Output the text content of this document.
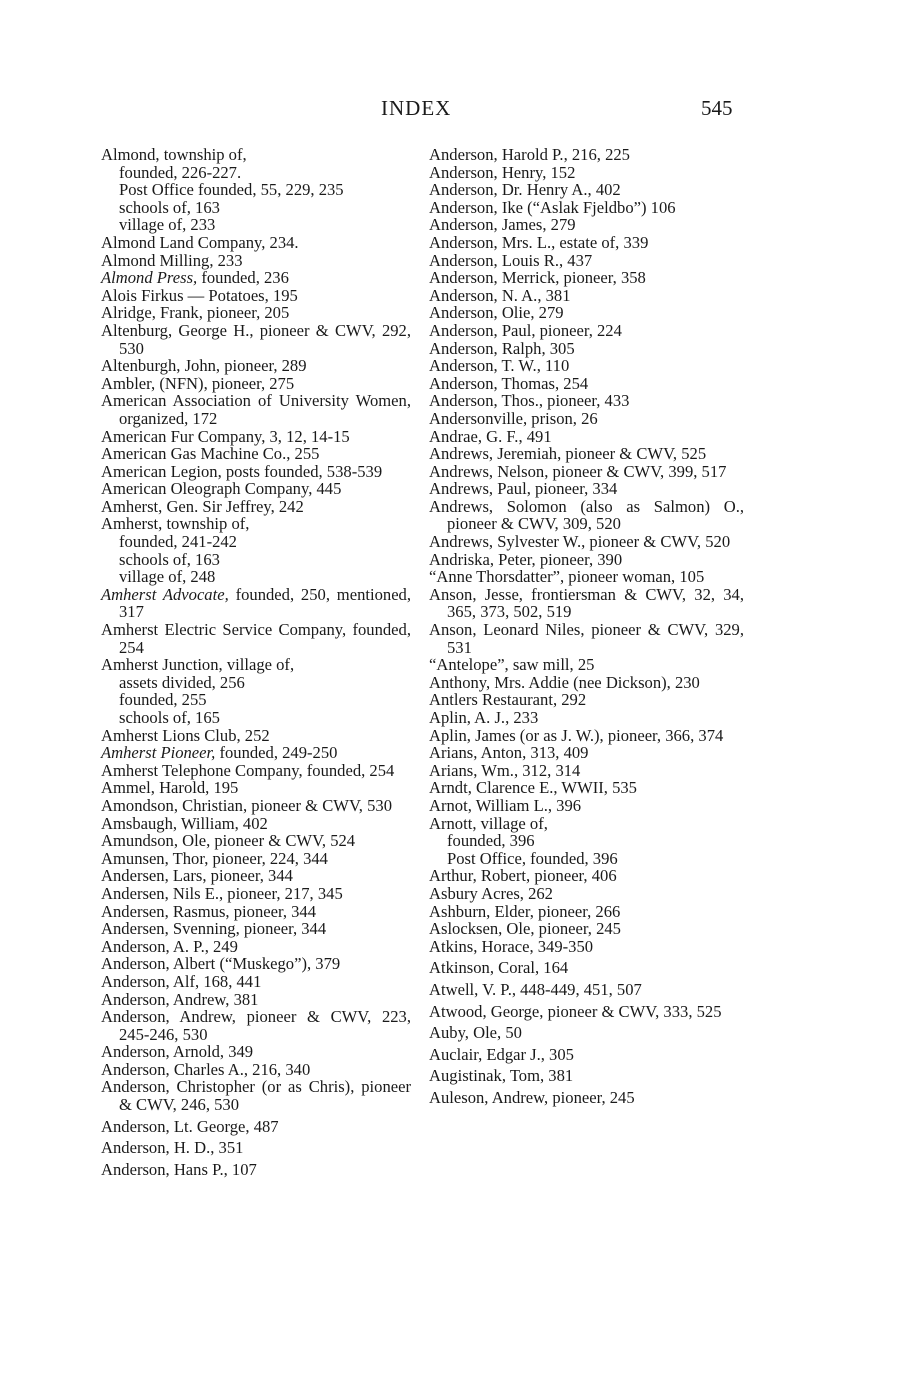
INDEX	545

Almond, township of,

founded, 226-227.

Post Office founded, 55, 229, 235

schools of, 163

village of, 233

Almond Land Company, 234.

Almond Milling, 233

Almond Press, founded, 236

Alois Firkus — Potatoes, 195

Alridge, Frank, pioneer, 205

Altenburg, George H., pioneer & CWV, 292, 530

Altenburgh, John, pioneer, 289

Ambler, (NFN), pioneer, 275

American Association of University Women, organized, 172

American Fur Company, 3, 12, 14-15

American Gas Machine Co., 255

American Legion, posts founded, 538-539

American Oleograph Company, 445

Amherst, Gen. Sir Jeffrey, 242

Amherst, township of,

founded, 241-242

schools of, 163

village of, 248

Amherst Advocate, founded, 250, mentioned, 317

Amherst Electric Service Company, founded, 254

Amherst Junction, village of,

assets divided, 256

founded, 255

schools of, 165

Amherst Lions Club, 252

Amherst Pioneer, founded, 249-250

Amherst Telephone Company, founded, 254

Ammel, Harold, 195

Amondson, Christian, pioneer & CWV, 530

Amsbaugh, William, 402

Amundson, Ole, pioneer & CWV, 524

Amunsen, Thor, pioneer, 224, 344

Andersen, Lars, pioneer, 344

Andersen, Nils E., pioneer, 217, 345

Andersen, Rasmus, pioneer, 344

Andersen, Svenning, pioneer, 344

Anderson, A. P., 249

Anderson, Albert (“Muskego”), 379

Anderson, Alf, 168, 441

Anderson, Andrew, 381

Anderson, Andrew, pioneer & CWV, 223, 245-246, 530

Anderson, Arnold, 349

Anderson, Charles A., 216, 340

Anderson, Christopher (or as Chris), pioneer & CWV, 246, 530

Anderson, Lt. George, 487

Anderson, H. D., 351

Anderson, Hans P., 107

Anderson, Harold P., 216, 225

Anderson, Henry, 152

Anderson, Dr. Henry A., 402

Anderson, Ike (“Aslak Fjeldbo”) 106

Anderson, James, 279

Anderson, Mrs. L., estate of, 339

Anderson, Louis R., 437

Anderson, Merrick, pioneer, 358

Anderson, N. A., 381

Anderson, Olie, 279

Anderson, Paul, pioneer, 224

Anderson, Ralph, 305

Anderson, T. W., 110

Anderson, Thomas, 254

Anderson, Thos., pioneer, 433

Andersonville, prison, 26

Andrae, G. F., 491

Andrews, Jeremiah, pioneer & CWV, 525

Andrews, Nelson, pioneer & CWV, 399, 517

Andrews, Paul, pioneer, 334

Andrews, Solomon (also as Salmon) O., pioneer & CWV, 309, 520

Andrews, Sylvester W., pioneer & CWV, 520

Andriska, Peter, pioneer, 390

“Anne Thorsdatter”, pioneer woman, 105

Anson, Jesse, frontiersman & CWV, 32, 34, 365, 373, 502, 519

Anson, Leonard Niles, pioneer & CWV, 329, 531

“Antelope”, saw mill, 25

Anthony, Mrs. Addie (nee Dickson), 230

Antlers Restaurant, 292

Aplin, A. J., 233

Aplin, James (or as J. W.), pioneer, 366, 374

Arians, Anton, 313, 409

Arians, Wm., 312, 314

Arndt, Clarence E., WWII, 535

Arnot, William L., 396

Arnott, village of,

founded, 396

Post Office, founded, 396

Arthur, Robert, pioneer, 406

Asbury Acres, 262

Ashburn, Elder, pioneer, 266

Aslocksen, Ole, pioneer, 245

Atkins, Horace, 349-350

Atkinson, Coral, 164

Atwell, V. P., 448-449, 451, 507

Atwood, George, pioneer & CWV, 333, 525

Auby, Ole, 50

Auclair, Edgar J., 305

Augistinak, Tom, 381

Auleson, Andrew, pioneer, 245
